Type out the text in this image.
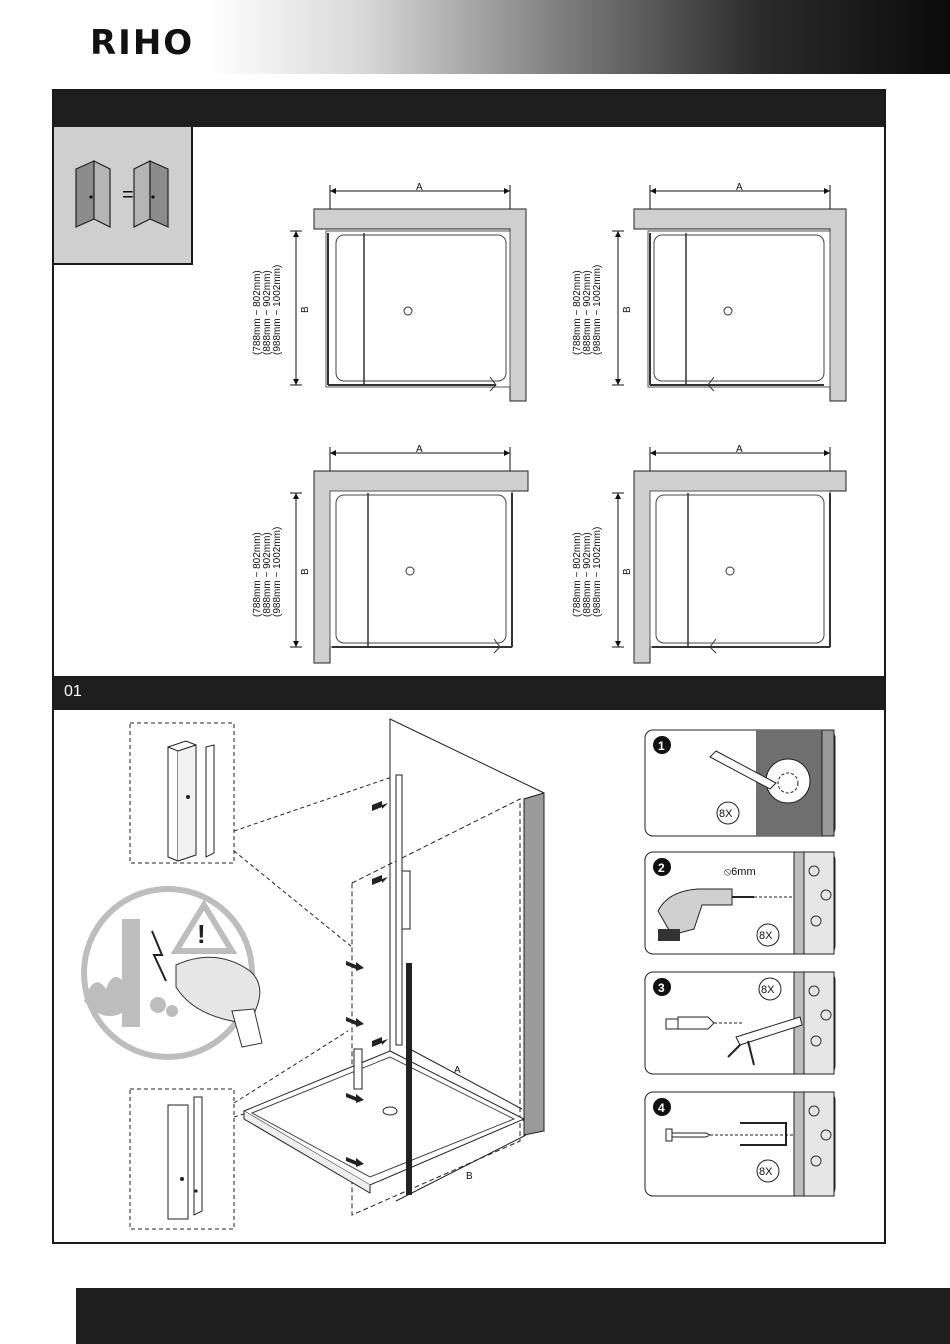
RIHO
=	A
B
(788mm ~ 802mm) (888mm ~ 902mm) (988mm ~ 1002mm)
A
B
(788mm ~ 802mm) (888mm ~ 902mm) (988mm ~ 1002mm)
A
B
(788mm ~ 802mm) (888mm ~ 902mm) (988mm ~ 1002mm)
A
B
(788mm ~ 802mm) (888mm ~ 902mm) (988mm ~ 1002mm)
01
A
B
!
1
8X
2	⦸6mm
8X
3	8X
4
8X
